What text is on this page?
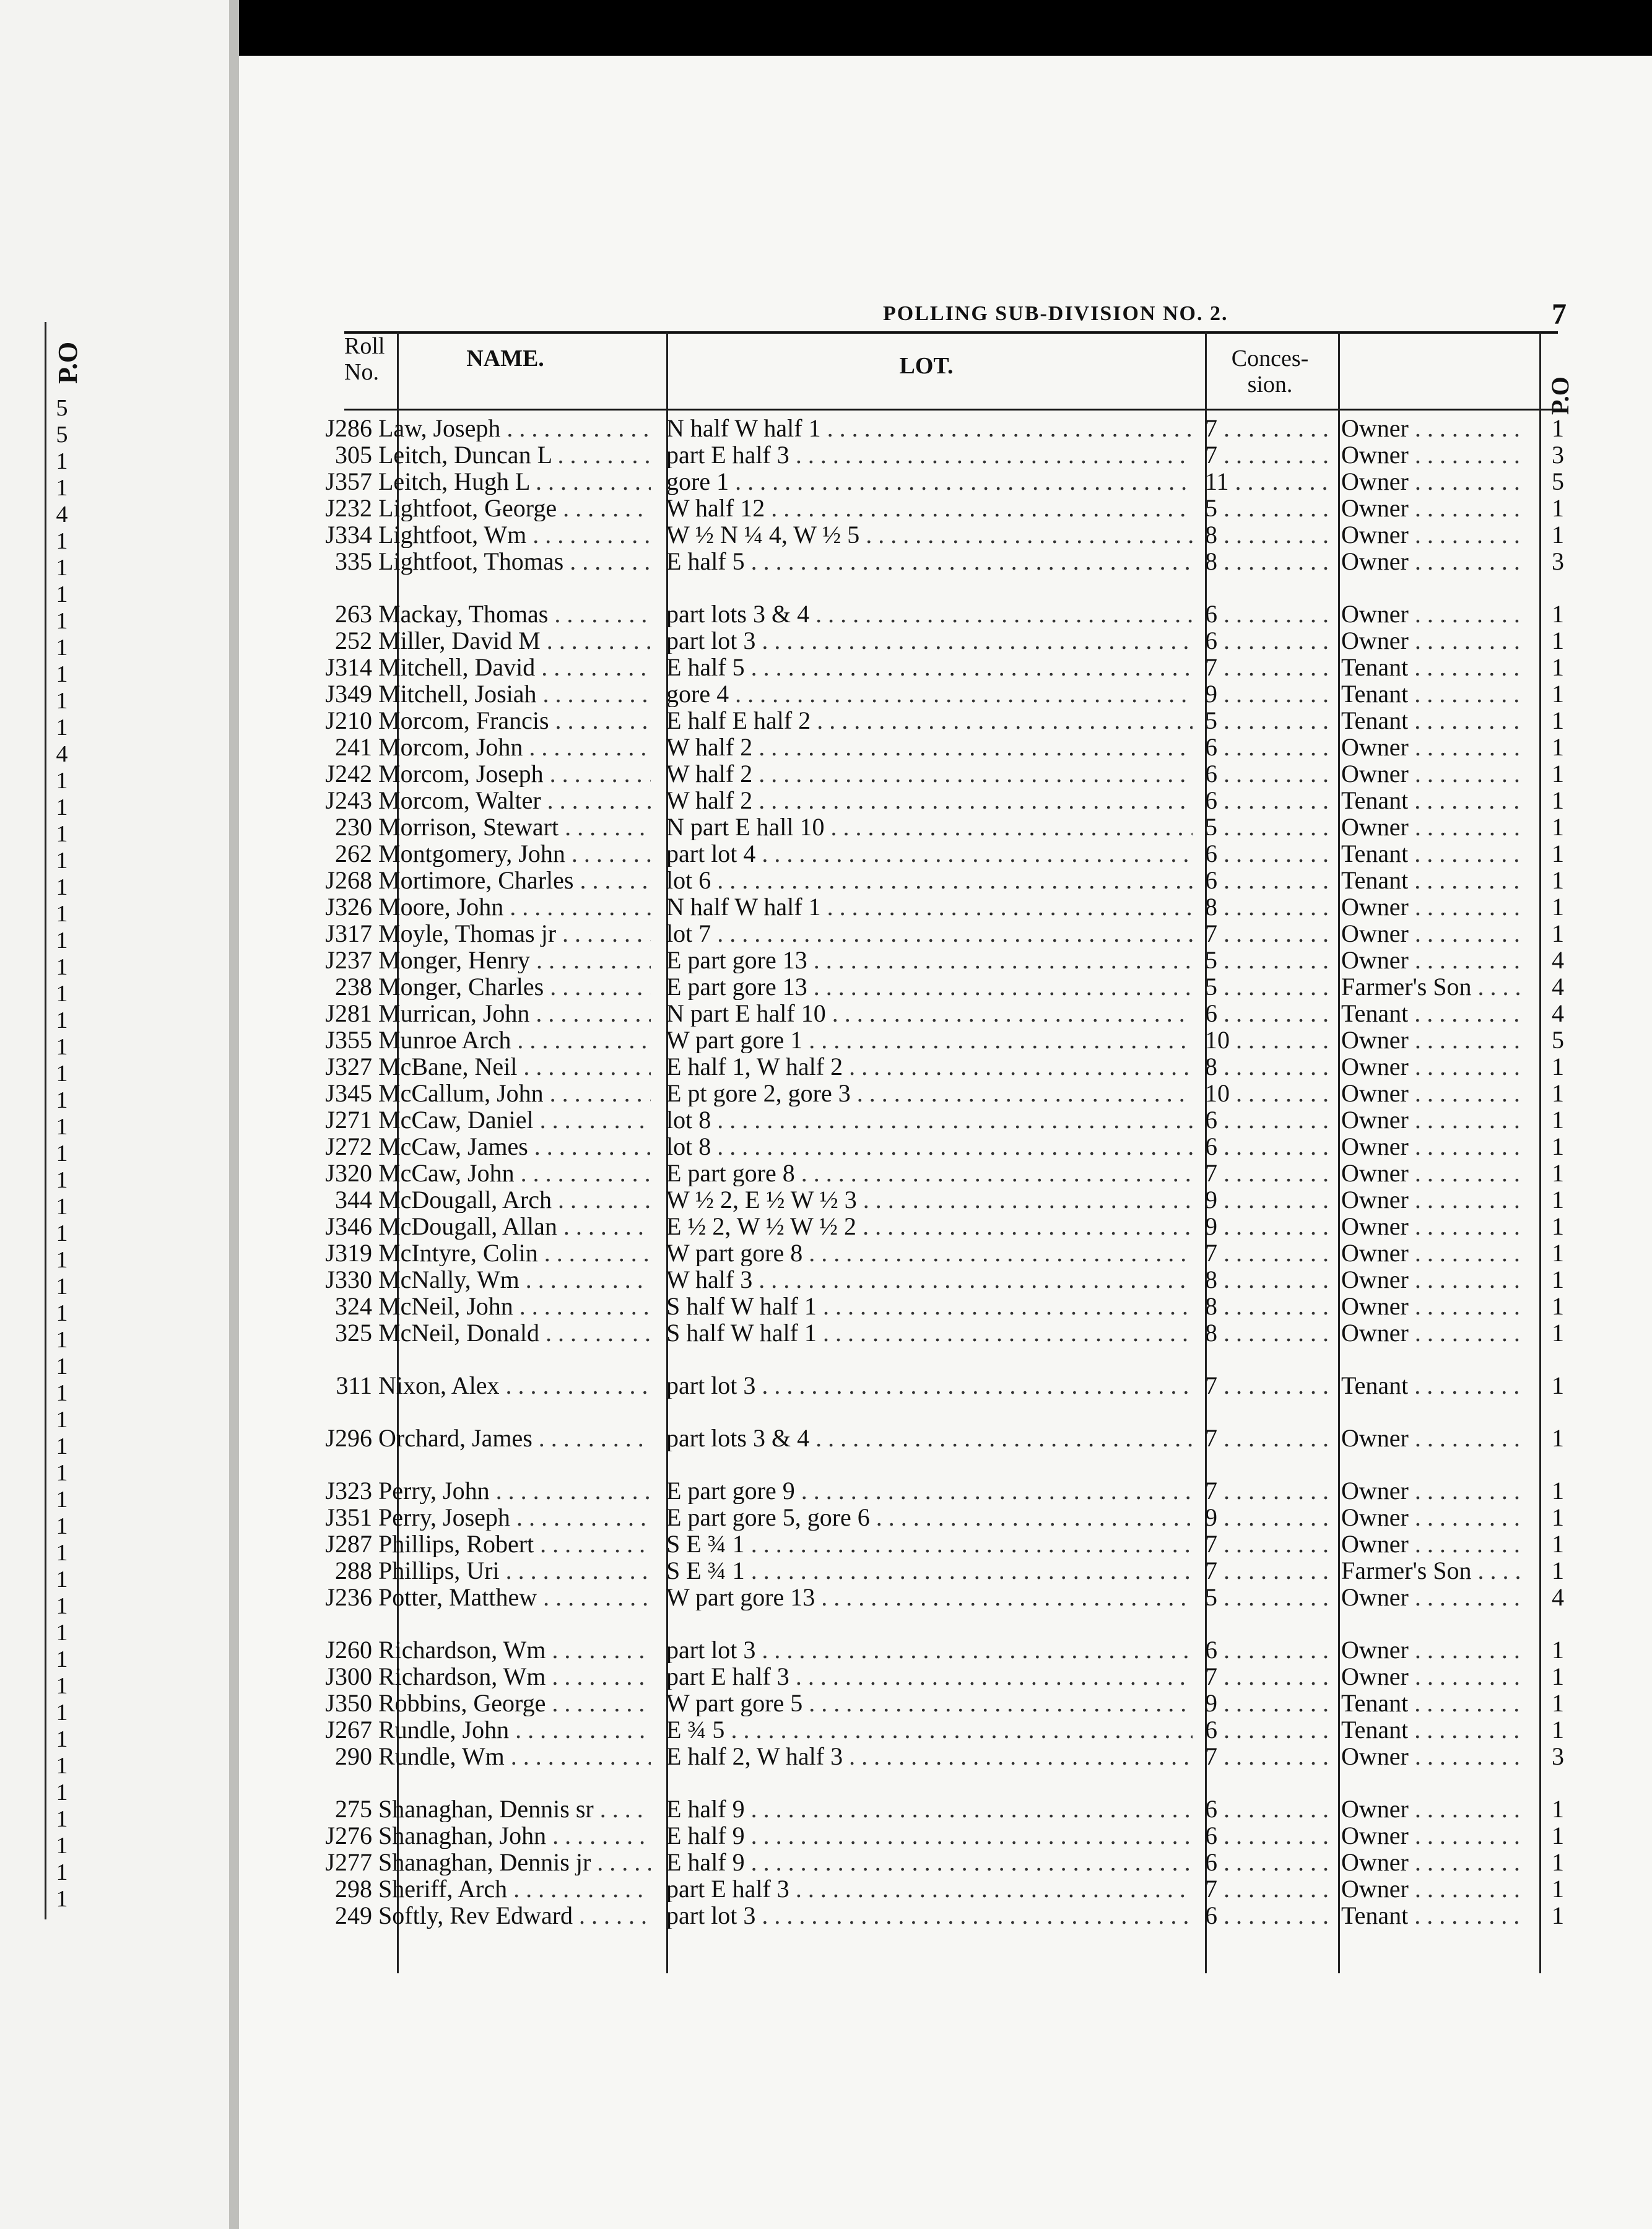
P.O
5
5
1
1
4
1
1
1
1
1
1
1
1
4
1
1
1
1
1
1
1
1
1
1
1
1
1
1
1
1
1
1
1
1
1
1
1
1
1
1
1
1
1
1
1
1
1
1
1
1
1
1
1
1
1
1
1
POLLING SUB-DIVISION NO. 2.	7
Roll No.
NAME.	LOT.	Conces-sion.	P.O
J286 Law, Joseph . . .	N half W half 1 . . .	7 . . .	Owner . . .	1
305 Leitch, Duncan L . . .	part E half 3 . . .	7 . . .	Owner . . .	3
J357 Leitch, Hugh L . . .	gore 1 . . .	11 . . .	Owner . . .	5
J232 Lightfoot, George . . .	W half 12 . . .	5 . . .	Owner . . .	1
J334 Lightfoot, Wm . . .	W ½ N ¼ 4, W ½ 5 . . .	8 . . .	Owner . . .	1
335 Lightfoot, Thomas . . .	E half 5 . . .	8 . . .	Owner . . .	3
263 Mackay, Thomas . . .	part lots 3 & 4 . . .	6 . . .	Owner . . .	1
252 Miller, David M . . .	part lot 3 . . .	6 . . .	Owner . . .	1
J314 Mitchell, David . . .	E half 5 . . .	7 . . .	Tenant . . .	1
J349 Mitchell, Josiah . . .	gore 4 . . .	9 . . .	Tenant . . .	1
J210 Morcom, Francis . . .	E half E half 2 . . .	5 . . .	Tenant . . .	1
241 Morcom, John . . .	W half 2 . . .	6 . . .	Owner . . .	1
J242 Morcom, Joseph . . .	W half 2 . . .	6 . . .	Owner . . .	1
J243 Morcom, Walter . . .	W half 2 . . .	6 . . .	Tenant . . .	1
230 Morrison, Stewart . . .	N part E hall 10 . . .	5 . . .	Owner . . .	1
262 Montgomery, John . . .	part lot 4 . . .	6 . . .	Tenant . . .	1
J268 Mortimore, Charles . . .	lot 6 . . .	6 . . .	Tenant . . .	1
J326 Moore, John . . .	N half W half 1 . . .	8 . . .	Owner . . .	1
J317 Moyle, Thomas jr . . .	lot 7 . . .	7 . . .	Owner . . .	1
J237 Monger, Henry . . .	E part gore 13 . . .	5 . . .	Owner . . .	4
238 Monger, Charles . . .	E part gore 13 . . .	5 . . .	Farmer's Son . . .	4
J281 Murrican, John . . .	N part E half 10 . . .	6 . . .	Tenant . . .	4
J355 Munroe Arch . . .	W part gore 1 . . .	10 . . .	Owner . . .	5
J327 McBane, Neil . . .	E half 1, W half 2 . . .	8 . . .	Owner . . .	1
J345 McCallum, John . . .	E pt gore 2, gore 3 . . .	10 . . .	Owner . . .	1
J271 McCaw, Daniel . . .	lot 8 . . .	6 . . .	Owner . . .	1
J272 McCaw, James . . .	lot 8 . . .	6 . . .	Owner . . .	1
J320 McCaw, John . . .	E part gore 8 . . .	7 . . .	Owner . . .	1
344 McDougall, Arch . . .	W ½ 2, E ½ W ½ 3 . . .	9 . . .	Owner . . .	1
J346 McDougall, Allan . . .	E ½ 2, W ½ W ½ 2 . . .	9 . . .	Owner . . .	1
J319 McIntyre, Colin . . .	W part gore 8 . . .	7 . . .	Owner . . .	1
J330 McNally, Wm . . .	W half 3 . . .	8 . . .	Owner . . .	1
324 McNeil, John . . .	S half W half 1 . . .	8 . . .	Owner . . .	1
325 McNeil, Donald . . .	S half W half 1 . . .	8 . . .	Owner . . .	1
311 Nixon, Alex . . .	part lot 3 . . .	7 . . .	Tenant . . .	1
J296 Orchard, James . . .	part lots 3 & 4 . . .	7 . . .	Owner . . .	1
J323 Perry, John . . .	E part gore 9 . . .	7 . . .	Owner . . .	1
J351 Perry, Joseph . . .	E part gore 5, gore 6 . . .	9 . . .	Owner . . .	1
J287 Phillips, Robert . . .	S E ¾ 1 . . .	7 . . .	Owner . . .	1
288 Phillips, Uri . . .	S E ¾ 1 . . .	7 . . .	Farmer's Son . . .	1
J236 Potter, Matthew . . .	W part gore 13 . . .	5 . . .	Owner . . .	4
J260 Richardson, Wm . . .	part lot 3 . . .	6 . . .	Owner . . .	1
J300 Richardson, Wm . . .	part E half 3 . . .	7 . . .	Owner . . .	1
J350 Robbins, George . . .	W part gore 5 . . .	9 . . .	Tenant . . .	1
J267 Rundle, John . . .	E ¾ 5 . . .	6 . . .	Tenant . . .	1
290 Rundle, Wm . . .	E half 2, W half 3 . . .	7 . . .	Owner . . .	3
275 Shanaghan, Dennis sr . . .	E half 9 . . .	6 . . .	Owner . . .	1
J276 Shanaghan, John . . .	E half 9 . . .	6 . . .	Owner . . .	1
J277 Shanaghan, Dennis jr . . .	E half 9 . . .	6 . . .	Owner . . .	1
298 Sheriff, Arch . . .	part E half 3 . . .	7 . . .	Owner . . .	1
249 Softly, Rev Edward . . .	part lot 3 . . .	6 . . .	Tenant . . .	1
